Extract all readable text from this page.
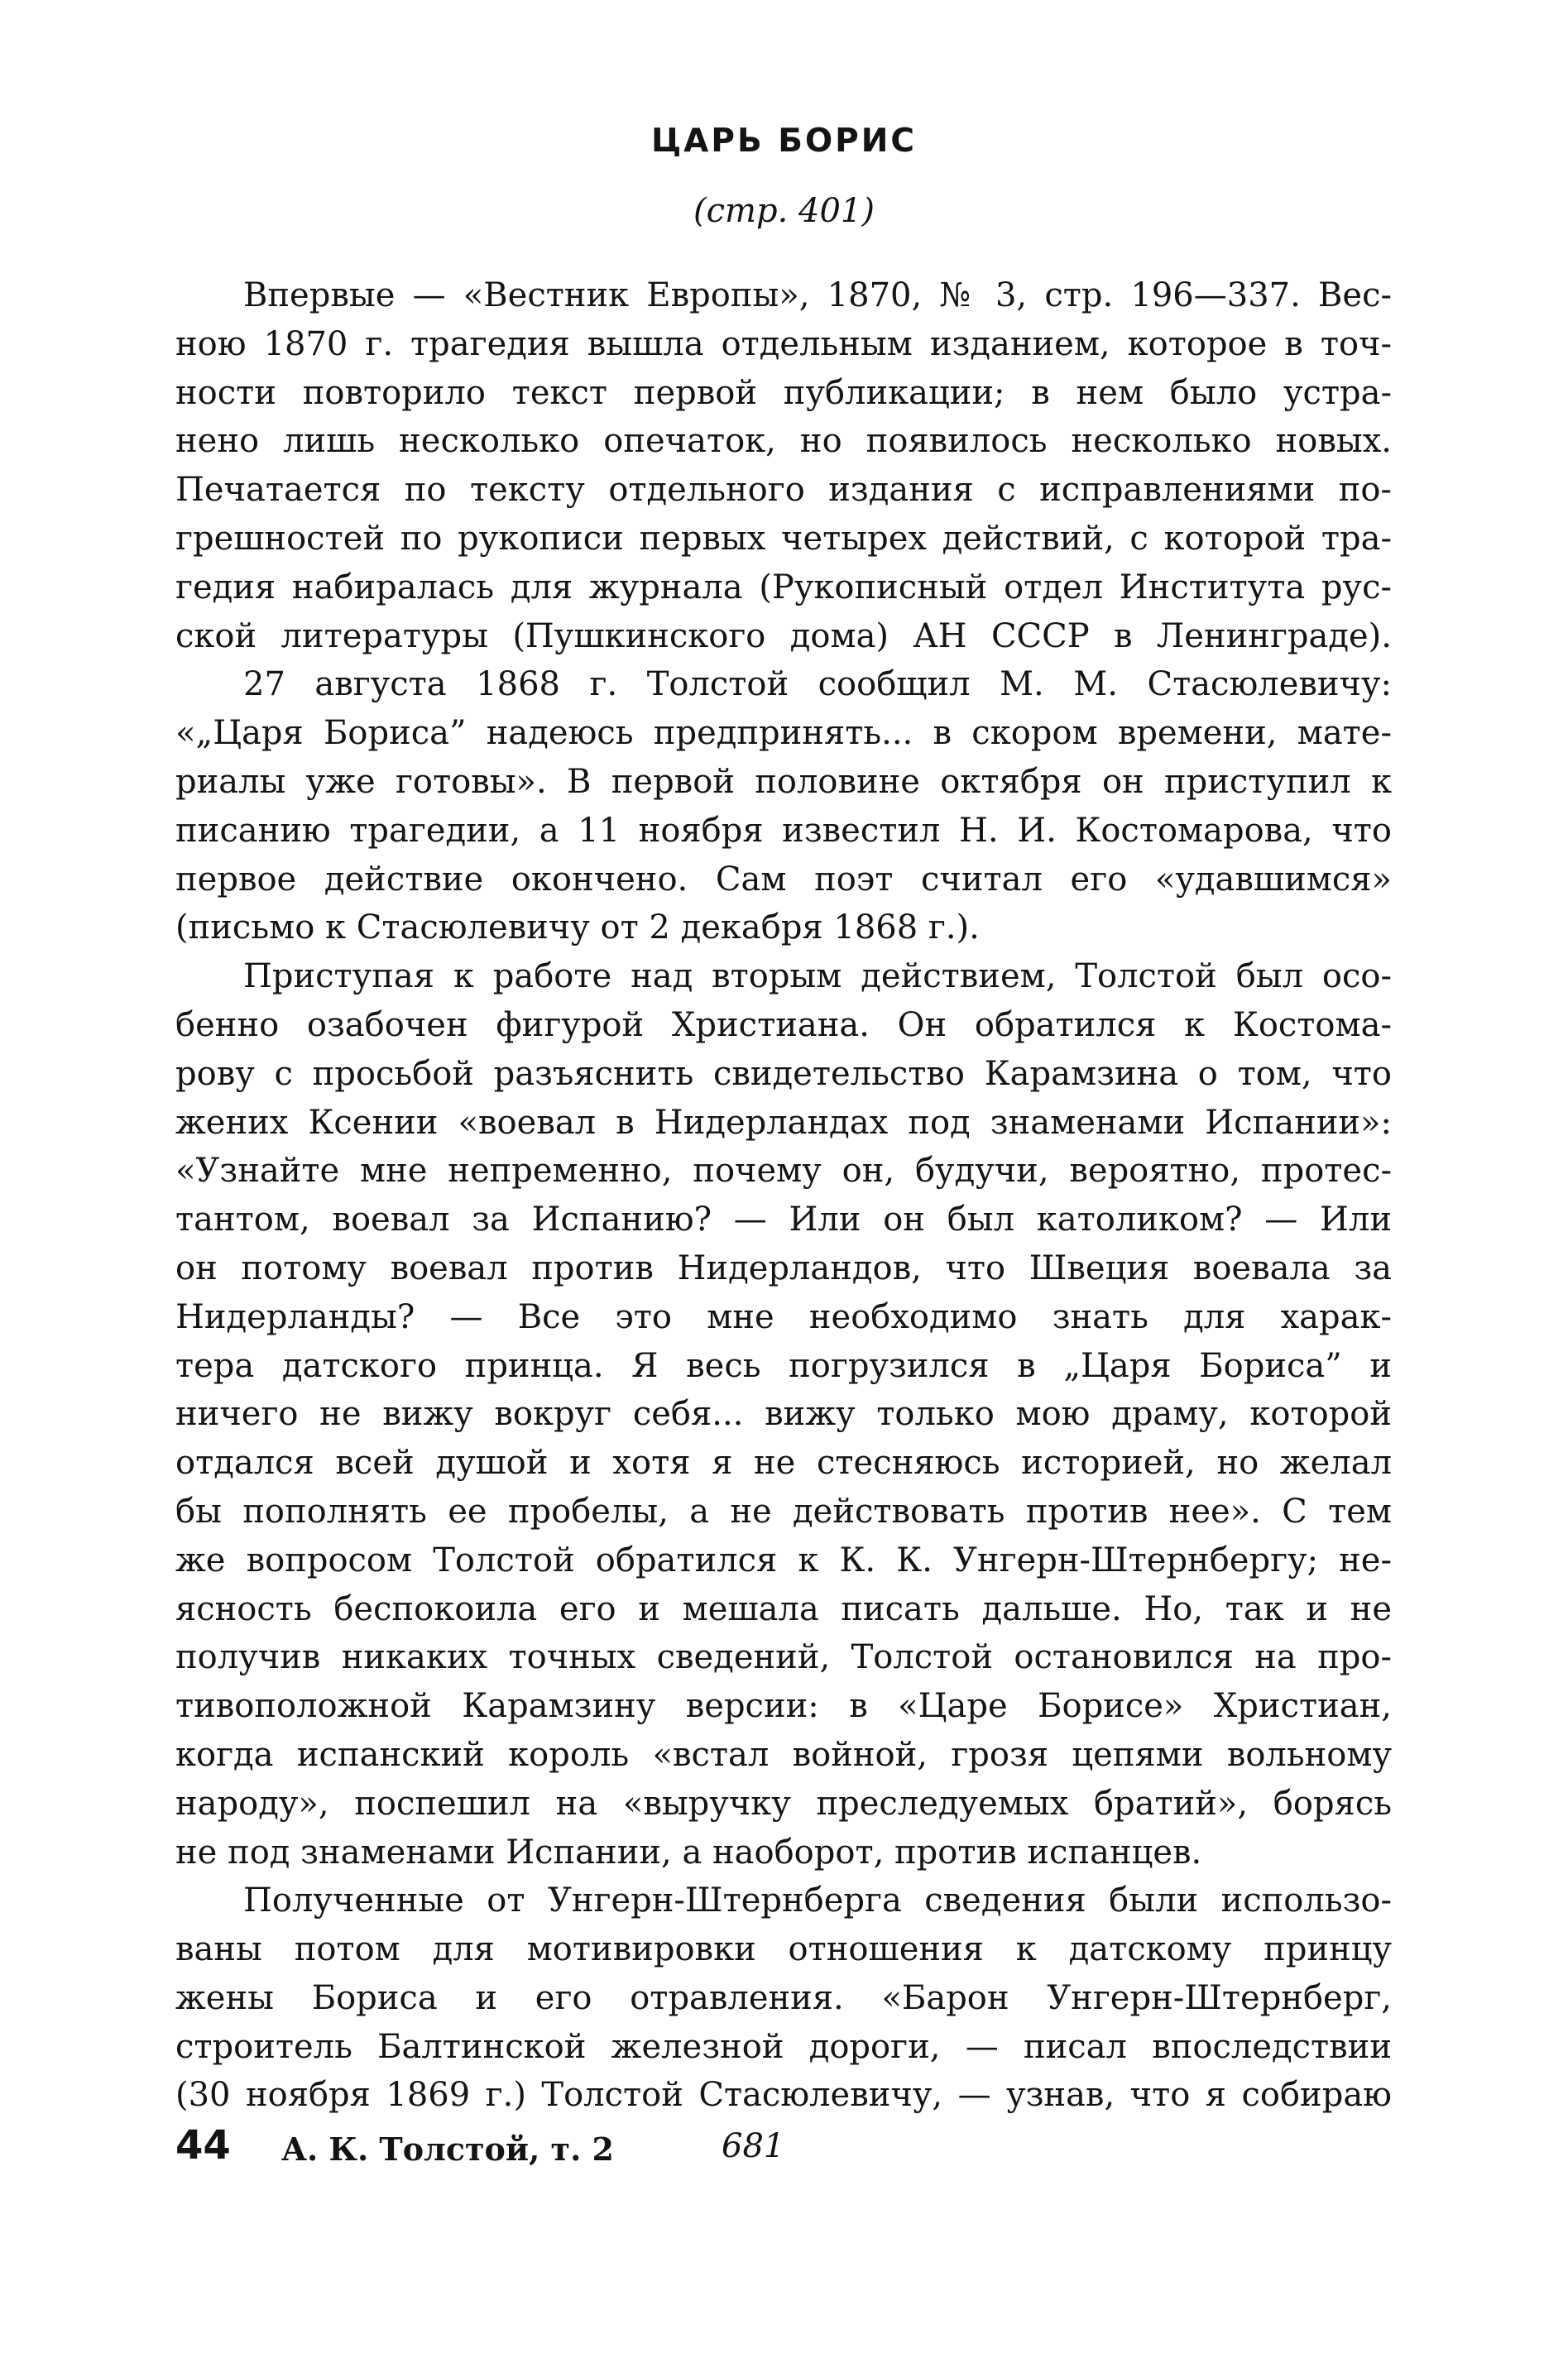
ЦАРЬ БОРИС
(стр. 401)
Впервые — «Вестник Европы», 1870, № 3, стр. 196—337. Вес-
ною 1870 г. трагедия вышла отдельным изданием, которое в точ-
ности повторило текст первой публикации; в нем было устра-
нено лишь несколько опечаток, но появилось несколько новых.
Печатается по тексту отдельного издания с исправлениями по-
грешностей по рукописи первых четырех действий, с которой тра-
гедия набиралась для журнала (Рукописный отдел Института рус-
ской литературы (Пушкинского дома) АН СССР в Ленинграде).
27 августа 1868 г. Толстой сообщил М. М. Стасюлевичу:
«„Царя Бориса” надеюсь предпринять... в скором времени, мате-
риалы уже готовы». В первой половине октября он приступил к
писанию трагедии, а 11 ноября известил Н. И. Костомарова, что
первое действие окончено. Сам поэт считал его «удавшимся»
(письмо к Стасюлевичу от 2 декабря 1868 г.).
Приступая к работе над вторым действием, Толстой был осо-
бенно озабочен фигурой Христиана. Он обратился к Костома-
рову с просьбой разъяснить свидетельство Карамзина о том, что
жених Ксении «воевал в Нидерландах под знаменами Испании»:
«Узнайте мне непременно, почему он, будучи, вероятно, протес-
тантом, воевал за Испанию? — Или он был католиком? — Или
он потому воевал против Нидерландов, что Швеция воевала за
Нидерланды? — Все это мне необходимо знать для харак-
тера датского принца. Я весь погрузился в „Царя Бориса” и
ничего не вижу вокруг себя... вижу только мою драму, которой
отдался всей душой и хотя я не стесняюсь историей, но желал
бы пополнять ее пробелы, а не действовать против нее». С тем
же вопросом Толстой обратился к К. К. Унгерн-Штернбергу; не-
ясность беспокоила его и мешала писать дальше. Но, так и не
получив никаких точных сведений, Толстой остановился на про-
тивоположной Карамзину версии: в «Царе Борисе» Христиан,
когда испанский король «встал войной, грозя цепями вольному
народу», поспешил на «выручку преследуемых братий», борясь
не под знаменами Испании, а наоборот, против испанцев.
Полученные от Унгерн-Штернберга сведения были использо-
ваны потом для мотивировки отношения к датскому принцу
жены Бориса и его отравления. «Барон Унгерн-Штернберг,
строитель Балтинской железной дороги, — писал впоследствии
(30 ноября 1869 г.) Толстой Стасюлевичу, — узнав, что я собираю
44 А. К. Толстой, т. 2	681
